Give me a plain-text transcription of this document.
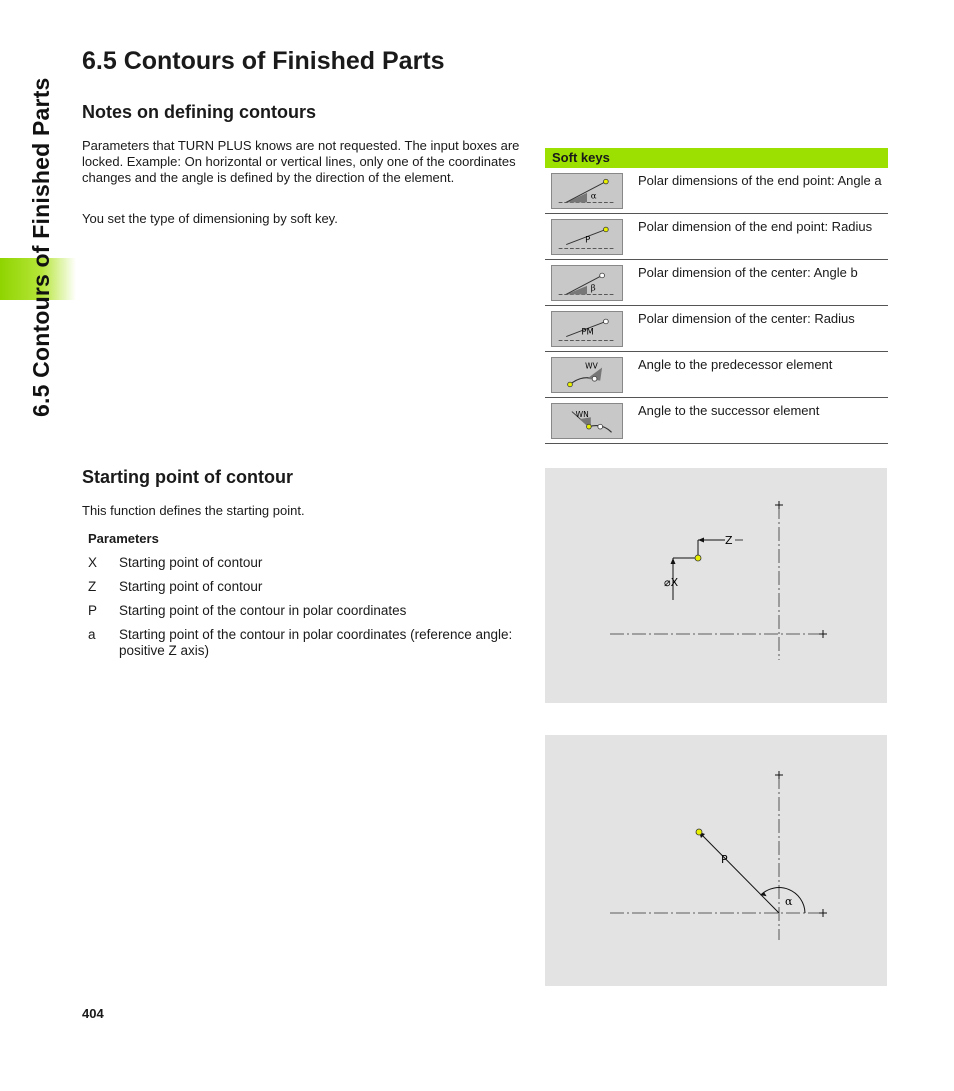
6.5 Contours of Finished Parts
6.5 Contours of Finished Parts
Notes on defining contours

Parameters that TURN PLUS knows are not requested. The input boxes are locked. Example: On horizontal or vertical lines, only one of the coordinates changes and the angle is defined by the direction of the element.

You set the type of dimensioning by soft key.

Soft keys
α
Polar dimensions of the end point: Angle a
P
Polar dimension of the end point: Radius
β
Polar dimension of the center: Angle b
PM
Polar dimension of the center: Radius
WV	Angle to the predecessor element
WN	Angle to the successor element
Starting point of contour

This function defines the starting point.

Parameters
X Starting point of contour
Z Starting point of contour
P Starting point of the contour in polar coordinates
a Starting point of the contour in polar coordinates (reference angle: positive Z axis)
Z
⌀X
P
α
404
